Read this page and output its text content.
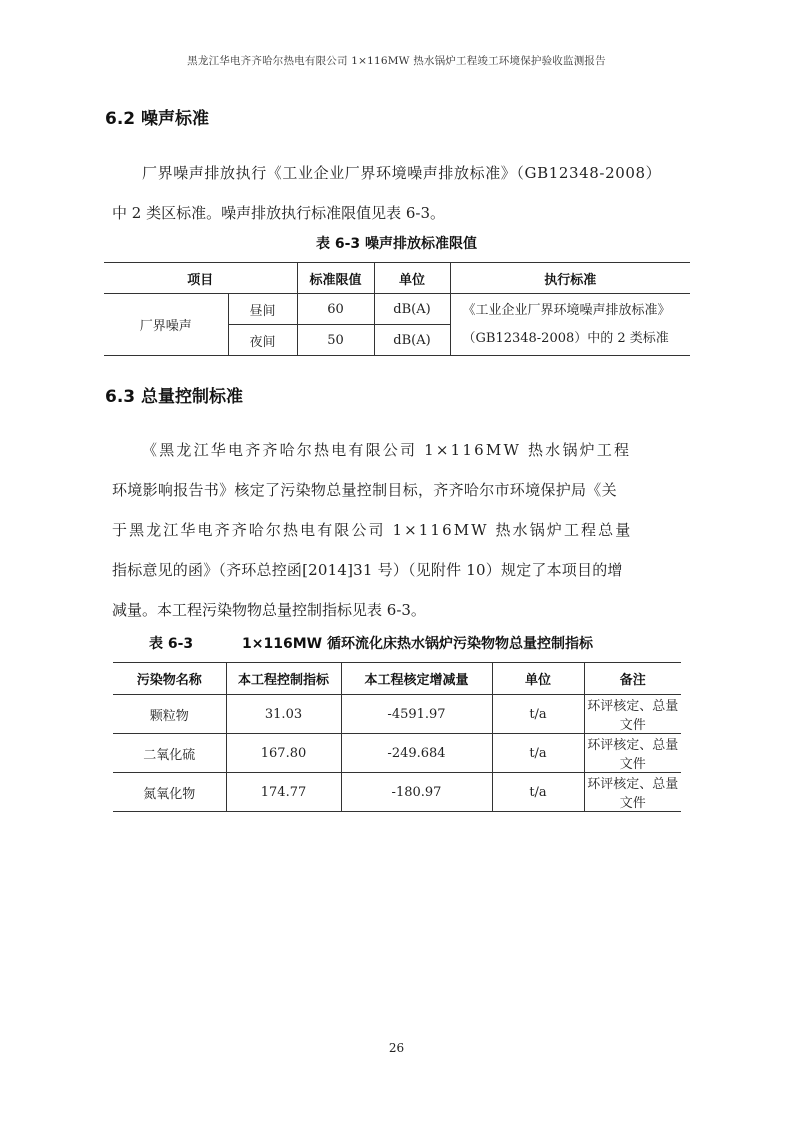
黑龙江华电齐齐哈尔热电有限公司 1×116MW 热水锅炉工程竣工环境保护验收监测报告
6.2 噪声标准
厂界噪声排放执行《工业企业厂界环境噪声排放标准》（GB12348-2008）
中 2 类区标准。噪声排放执行标准限值见表 6-3。
表 6-3 噪声排放标准限值
项目		标准限值	单位	执行标准
厂界噪声	昼间	60	dB(A)	《工业企业厂界环境噪声排放标准》
（GB12348-2008）中的 2 类标准

	夜间	50	dB(A)	
6.3 总量控制标准
《黑龙江华电齐齐哈尔热电有限公司 1×116MW 热水锅炉工程
环境影响报告书》核定了污染物总量控制目标，齐齐哈尔市环境保护局《关
于黑龙江华电齐齐哈尔热电有限公司 1×116MW 热水锅炉工程总量
指标意见的函》（齐环总控函[2014]31 号）（见附件 10）规定了本项目的增
减量。本工程污染物物总量控制指标见表 6-3。
表 6-3	1×116MW 循环流化床热水锅炉污染物物总量控制指标
污染物名称	本工程控制指标	本工程核定增减量	单位	备注
颗粒物	31.03	-4591.97	t/a	环评核定、总量文件
二氧化硫	167.80	-249.684	t/a	环评核定、总量文件
氮氧化物	174.77	-180.97	t/a	环评核定、总量文件
26
